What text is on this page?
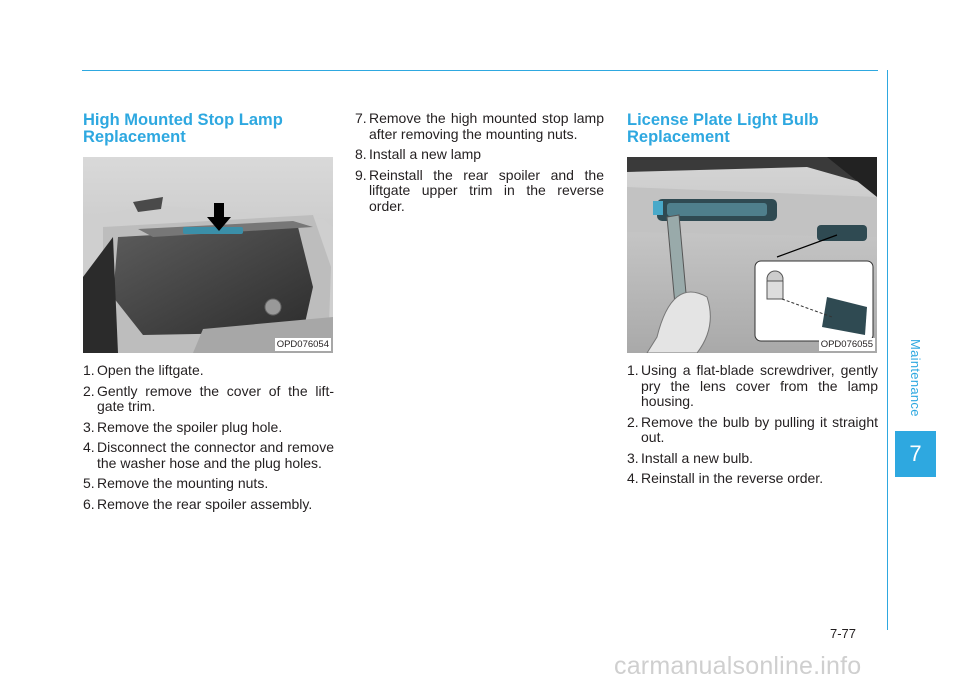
Maintenance
7
High Mounted Stop Lamp Replacement
OPD076054
1. Open the liftgate.
2. Gently remove the cover of the lift-gate trim.
3. Remove the spoiler plug hole.
4. Disconnect the connector and remove the washer hose and the plug holes.
5. Remove the mounting nuts.
6. Remove the rear spoiler assembly.
7. Remove the high mounted stop lamp after removing the mounting nuts.
8. Install a new lamp
9. Reinstall the rear spoiler and the liftgate upper trim in the reverse order.
License Plate Light Bulb Replacement
OPD076055
1. Using a flat-blade screwdriver, gently pry the lens cover from the lamp housing.
2. Remove the bulb by pulling it straight out.
3. Install a new bulb.
4. Reinstall in the reverse order.
7-77
carmanualsonline.info
